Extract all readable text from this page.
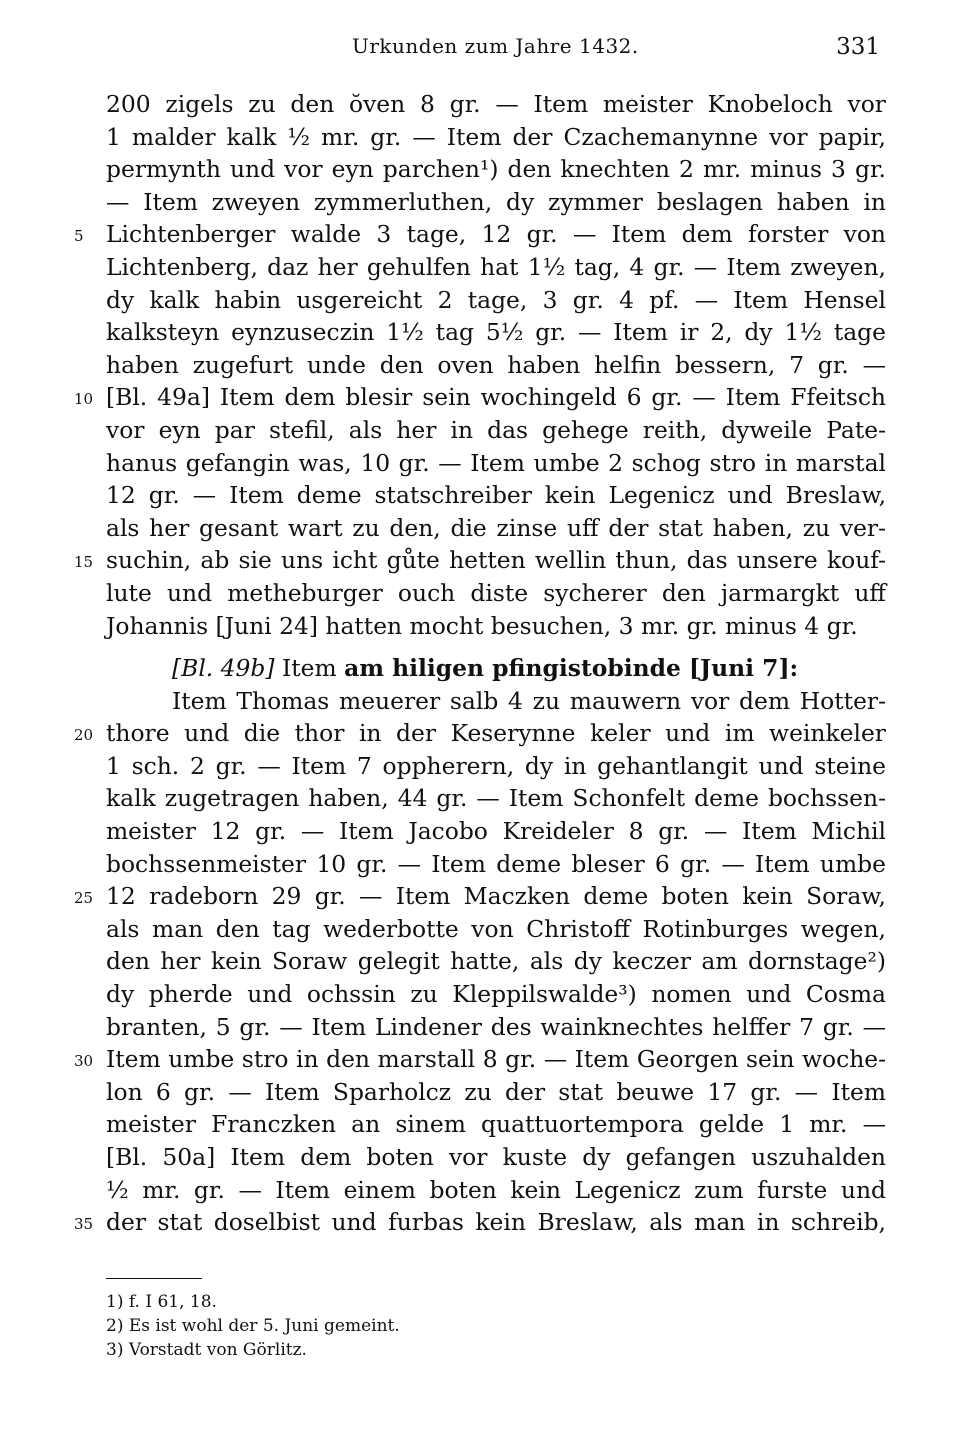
Urkunden zum Jahre 1432.	331
200 zigels zu den ŏven 8 gr. — Item meister Knobeloch vor
1 malder kalk ½ mr. gr. — Item der Czachemanynne vor papir,
permynth und vor eyn parchen¹) den knechten 2 mr. minus 3 gr.
— Item zweyen zymmerluthen, dy zymmer beslagen haben in
5 Lichtenberger walde 3 tage, 12 gr. — Item dem forster von
Lichtenberg, daz her gehulfen hat 1½ tag, 4 gr. — Item zweyen,
dy kalk habin usgereicht 2 tage, 3 gr. 4 pf. — Item Hensel
kalksteyn eynzuseczin 1½ tag 5½ gr. — Item ir 2, dy 1½ tage
haben zugefurt unde den oven haben helfin bessern, 7 gr. —
10 [Bl. 49a] Item dem blesir sein wochingeld 6 gr. — Item Ffeitsch
vor eyn par stefil, als her in das gehege reith, dyweile Pate-
hanus gefangin was, 10 gr. — Item umbe 2 schog stro in marstal
12 gr. — Item deme statschreiber kein Legenicz und Breslaw,
als her gesant wart zu den, die zinse uff der stat haben, zu ver-
15 suchin, ab sie uns icht gůte hetten wellin thun, das unsere kouf-
lute und metheburger ouch diste sycherer den jarmargkt uff
Johannis [Juni 24] hatten mocht besuchen, 3 mr. gr. minus 4 gr.
[Bl. 49b] Item am hiligen pfingistobinde [Juni 7]:
Item Thomas meuerer salb 4 zu mauwern vor dem Hotter-
20 thore und die thor in der Keserynne keler und im weinkeler
1 sch. 2 gr. — Item 7 oppherern, dy in gehantlangit und steine
kalk zugetragen haben, 44 gr. — Item Schonfelt deme bochssen-
meister 12 gr. — Item Jacobo Kreideler 8 gr. — Item Michil
bochssenmeister 10 gr. — Item deme bleser 6 gr. — Item umbe
25 12 radeborn 29 gr. — Item Maczken deme boten kein Soraw,
als man den tag wederbotte von Christoff Rotinburges wegen,
den her kein Soraw gelegit hatte, als dy keczer am dornstage²)
dy pherde und ochssin zu Kleppilswalde³) nomen und Cosma
branten, 5 gr. — Item Lindener des wainknechtes helffer 7 gr. —
30 Item umbe stro in den marstall 8 gr. — Item Georgen sein woche-
lon 6 gr. — Item Sparholcz zu der stat beuwe 17 gr. — Item
meister Franczken an sinem quattuortempora gelde 1 mr. —
[Bl. 50a] Item dem boten vor kuste dy gefangen uszuhalden
½ mr. gr. — Item einem boten kein Legenicz zum furste und
35 der stat doselbist und furbas kein Breslaw, als man in schreib,
1) f. I 61, 18.
2) Es ist wohl der 5. Juni gemeint.
3) Vorstadt von Görlitz.
